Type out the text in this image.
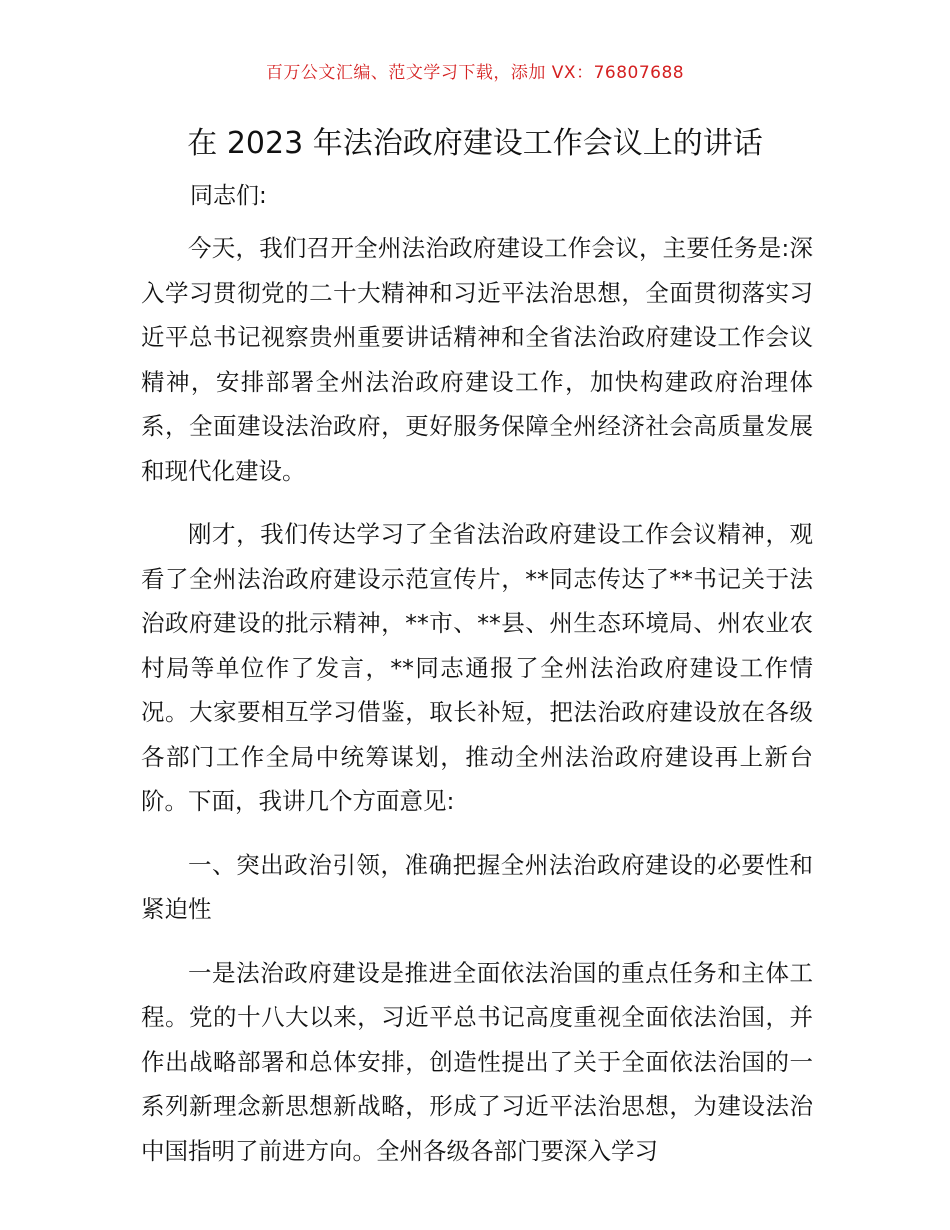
百万公文汇编、范文学习下载，添加 VX：76807688
在 2023 年法治政府建设工作会议上的讲话

同志们:

今天，我们召开全州法治政府建设工作会议，主要任务是:深入学习贯彻党的二十大精神和习近平法治思想，全面贯彻落实习近平总书记视察贵州重要讲话精神和全省法治政府建设工作会议精神，安排部署全州法治政府建设工作，加快构建政府治理体系，全面建设法治政府，更好服务保障全州经济社会高质量发展和现代化建设。

刚才，我们传达学习了全省法治政府建设工作会议精神，观看了全州法治政府建设示范宣传片，**同志传达了**书记关于法治政府建设的批示精神，**市、**县、州生态环境局、州农业农村局等单位作了发言，**同志通报了全州法治政府建设工作情况。大家要相互学习借鉴，取长补短，把法治政府建设放在各级各部门工作全局中统筹谋划，推动全州法治政府建设再上新台阶。下面，我讲几个方面意见:

一、突出政治引领，准确把握全州法治政府建设的必要性和紧迫性

一是法治政府建设是推进全面依法治国的重点任务和主体工程。党的十八大以来，习近平总书记高度重视全面依法治国，并作出战略部署和总体安排，创造性提出了关于全面依法治国的一系列新理念新思想新战略，形成了习近平法治思想，为建设法治中国指明了前进方向。全州各级各部门要深入学习
